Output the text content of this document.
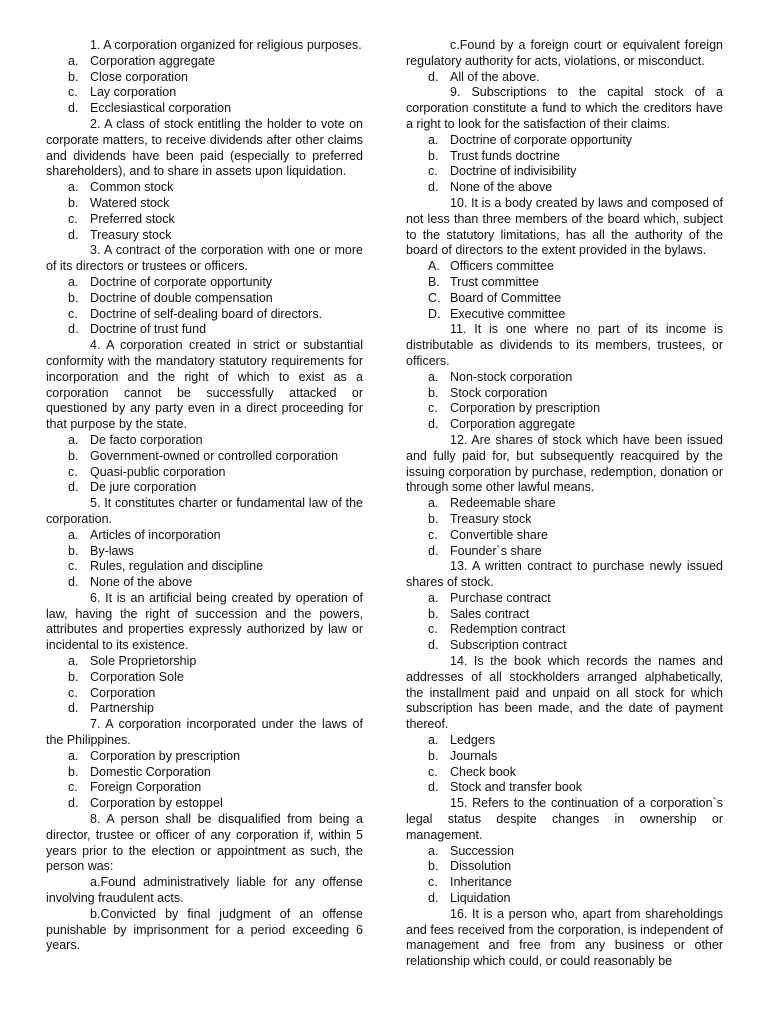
1. A corporation organized for religious purposes.

a. Corporation aggregate

b. Close corporation

c. Lay corporation

d. Ecclesiastical corporation

2. A class of stock entitling the holder to vote on corporate matters, to receive dividends after other claims and dividends have been paid (especially to preferred shareholders), and to share in assets upon liquidation.

a. Common stock

b. Watered stock

c. Preferred stock

d. Treasury stock

3. A contract of the corporation with one or more of its directors or trustees or officers.

a. Doctrine of corporate opportunity

b. Doctrine of double compensation

c. Doctrine of self-dealing board of directors.

d. Doctrine of trust fund

4. A corporation created in strict or substantial conformity with the mandatory statutory requirements for incorporation and the right of which to exist as a corporation cannot be successfully attacked or questioned by any party even in a direct proceeding for that purpose by the state.

a. De facto corporation

b. Government-owned or controlled corporation

c. Quasi-public corporation

d. De jure corporation

5. It constitutes charter or fundamental law of the corporation.

a. Articles of incorporation

b. By-laws

c. Rules, regulation and discipline

d. None of the above

6. It is an artificial being created by operation of law, having the right of succession and the powers, attributes and properties expressly authorized by law or incidental to its existence.

a. Sole Proprietorship

b. Corporation Sole

c. Corporation

d. Partnership

7. A corporation incorporated under the laws of the Philippines.

a. Corporation by prescription

b. Domestic Corporation

c. Foreign Corporation

d. Corporation by estoppel

8. A person shall be disqualified from being a director, trustee or officer of any corporation if, within 5 years prior to the election or appointment as such, the person was:

a.Found administratively liable for any offense involving fraudulent acts.

b.Convicted by final judgment of an offense punishable by imprisonment for a period exceeding 6 years.

c.Found by a foreign court or equivalent foreign regulatory authority for acts, violations, or misconduct.

d. All of the above.

9. Subscriptions to the capital stock of a corporation constitute a fund to which the creditors have a right to look for the satisfaction of their claims.

a. Doctrine of corporate opportunity

b. Trust funds doctrine

c. Doctrine of indivisibility

d. None of the above

10. It is a body created by laws and composed of not less than three members of the board which, subject to the statutory limitations, has all the authority of the board of directors to the extent provided in the bylaws.

A. Officers committee

B. Trust committee

C. Board of Committee

D. Executive committee

11. It is one where no part of its income is distributable as dividends to its members, trustees, or officers.

a. Non-stock corporation

b. Stock corporation

c. Corporation by prescription

d. Corporation aggregate

12. Are shares of stock which have been issued and fully paid for, but subsequently reacquired by the issuing corporation by purchase, redemption, donation or through some other lawful means.

a. Redeemable share

b. Treasury stock

c. Convertible share

d. Founder`s share

13. A written contract to purchase newly issued shares of stock.

a. Purchase contract

b. Sales contract

c. Redemption contract

d. Subscription contract

14. Is the book which records the names and addresses of all stockholders arranged alphabetically, the installment paid and unpaid on all stock for which subscription has been made, and the date of payment thereof.

a. Ledgers

b. Journals

c. Check book

d. Stock and transfer book

15. Refers to the continuation of a corporation`s legal status despite changes in ownership or management.

a. Succession

b. Dissolution

c. Inheritance

d. Liquidation

16. It is a person who, apart from shareholdings and fees received from the corporation, is independent of management and free from any business or other relationship which could, or could reasonably be
